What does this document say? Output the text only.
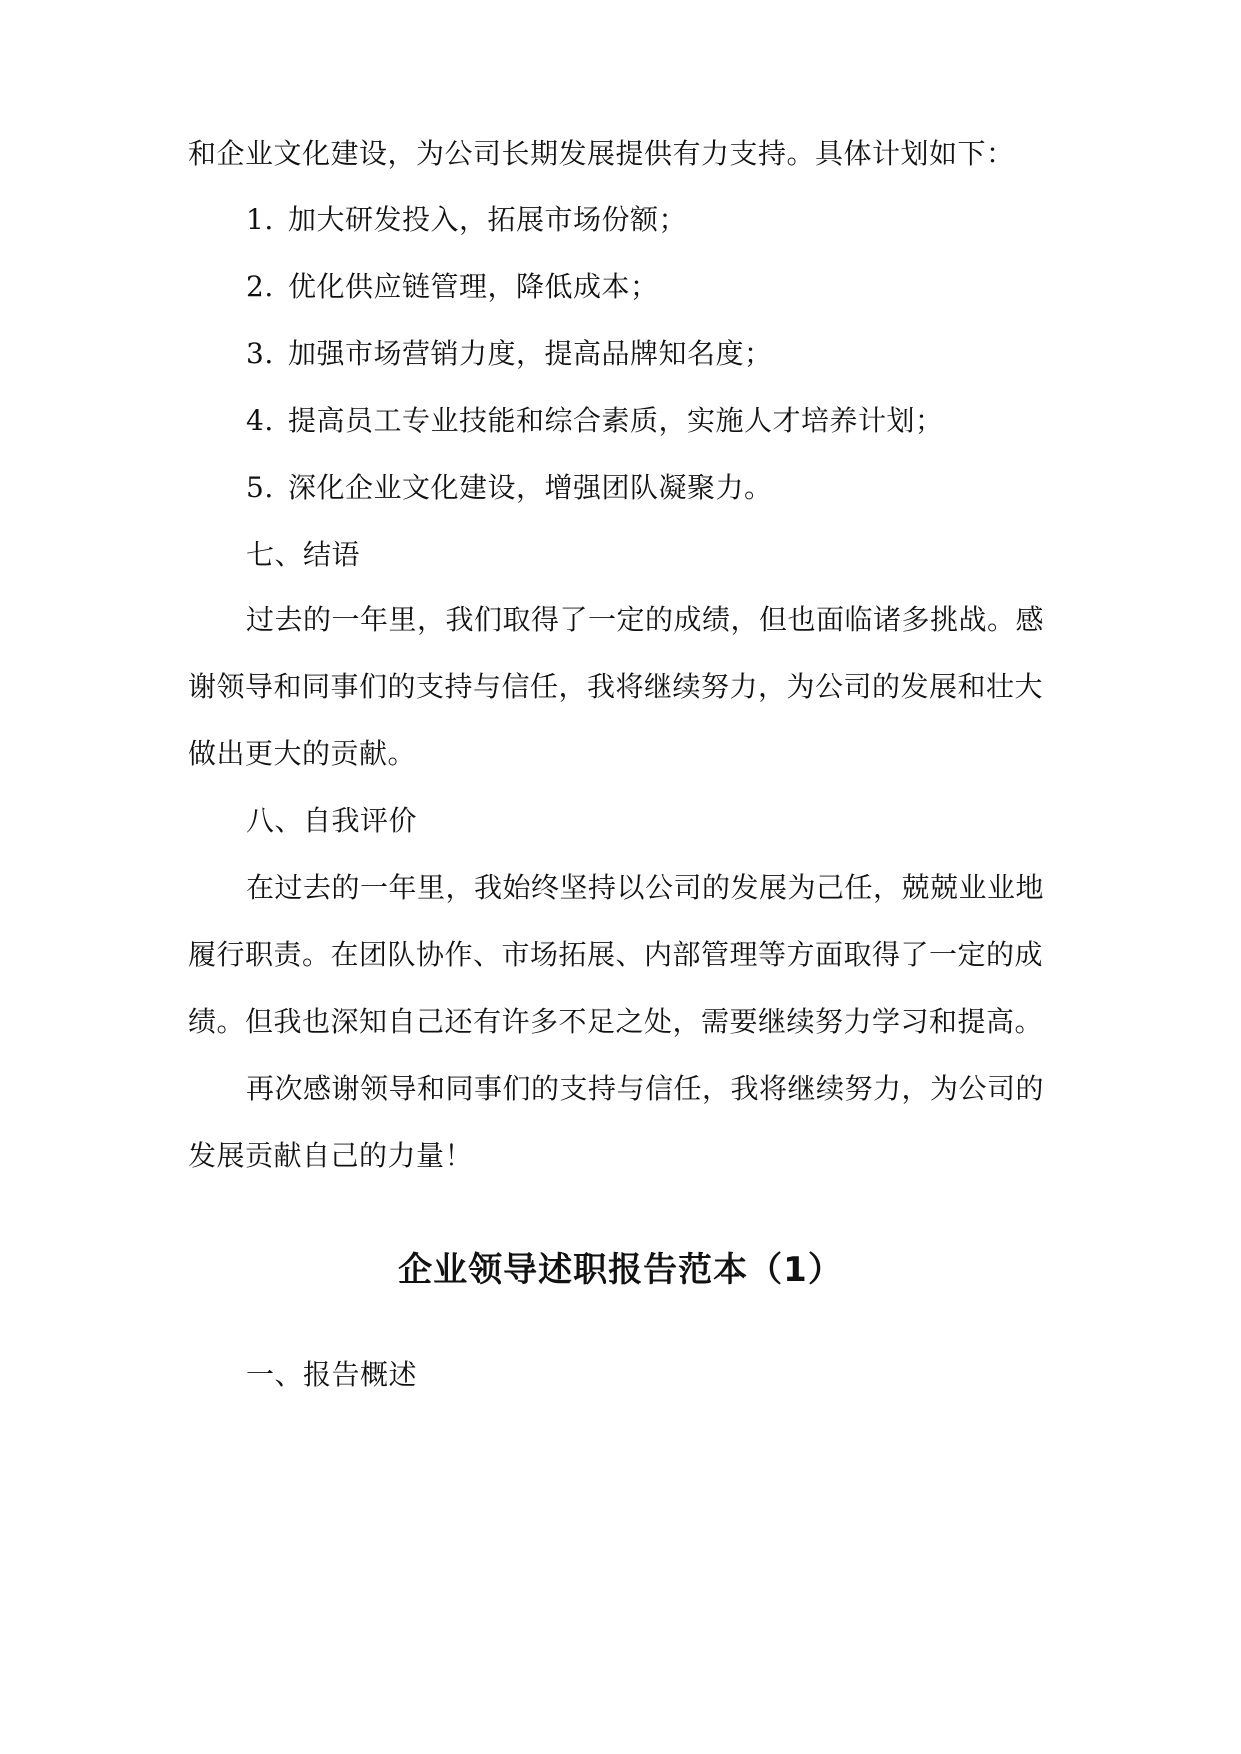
和企业文化建设，为公司长期发展提供有力支持。具体计划如下：
1. 加大研发投入，拓展市场份额；
2. 优化供应链管理，降低成本；
3. 加强市场营销力度，提高品牌知名度；
4. 提高员工专业技能和综合素质，实施人才培养计划；
5. 深化企业文化建设，增强团队凝聚力。
七、结语
过去的一年里，我们取得了一定的成绩，但也面临诸多挑战。感
谢领导和同事们的支持与信任，我将继续努力，为公司的发展和壮大
做出更大的贡献。
八、自我评价
在过去的一年里，我始终坚持以公司的发展为己任，兢兢业业地
履行职责。在团队协作、市场拓展、内部管理等方面取得了一定的成
绩。但我也深知自己还有许多不足之处，需要继续努力学习和提高。
再次感谢领导和同事们的支持与信任，我将继续努力，为公司的
发展贡献自己的力量！
企业领导述职报告范本（1）
一、报告概述
